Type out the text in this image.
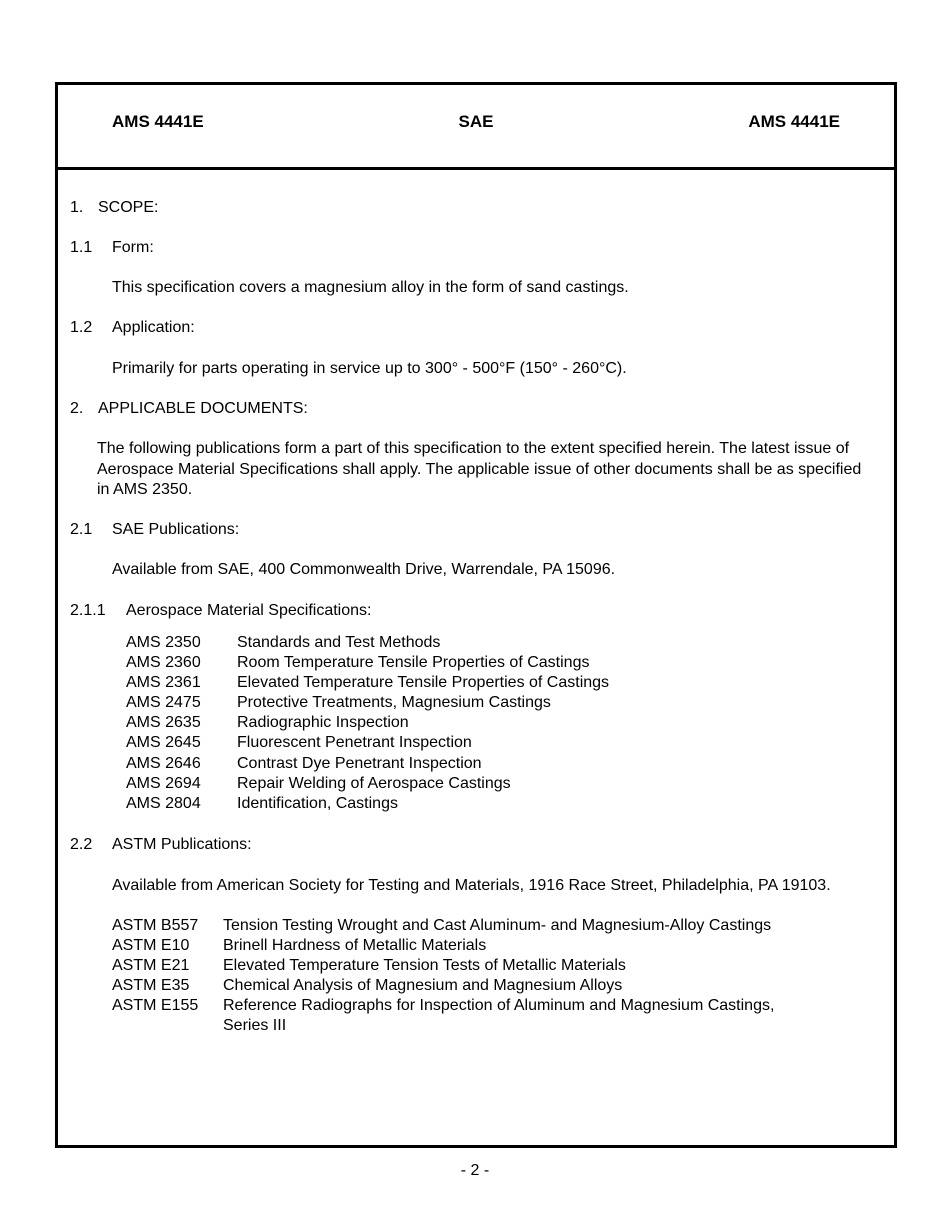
AMS 4441E	SAE	AMS 4441E
1. SCOPE:
1.1 Form:
This specification covers a magnesium alloy in the form of sand castings.
1.2 Application:
Primarily for parts operating in service up to 300° - 500°F (150° - 260°C).
2. APPLICABLE DOCUMENTS:
The following publications form a part of this specification to the extent specified herein. The latest issue of Aerospace Material Specifications shall apply. The applicable issue of other documents shall be as specified in AMS 2350.
2.1 SAE Publications:
Available from SAE, 400 Commonwealth Drive, Warrendale, PA 15096.
2.1.1 Aerospace Material Specifications:
AMS 2350 Standards and Test Methods
AMS 2360 Room Temperature Tensile Properties of Castings
AMS 2361 Elevated Temperature Tensile Properties of Castings
AMS 2475 Protective Treatments, Magnesium Castings
AMS 2635 Radiographic Inspection
AMS 2645 Fluorescent Penetrant Inspection
AMS 2646 Contrast Dye Penetrant Inspection
AMS 2694 Repair Welding of Aerospace Castings
AMS 2804 Identification, Castings
2.2 ASTM Publications:
Available from American Society for Testing and Materials, 1916 Race Street, Philadelphia, PA 19103.
ASTM B557 Tension Testing Wrought and Cast Aluminum- and Magnesium-Alloy Castings
ASTM E10 Brinell Hardness of Metallic Materials
ASTM E21 Elevated Temperature Tension Tests of Metallic Materials
ASTM E35 Chemical Analysis of Magnesium and Magnesium Alloys
ASTM E155 Reference Radiographs for Inspection of Aluminum and Magnesium Castings,
Series III
- 2 -
